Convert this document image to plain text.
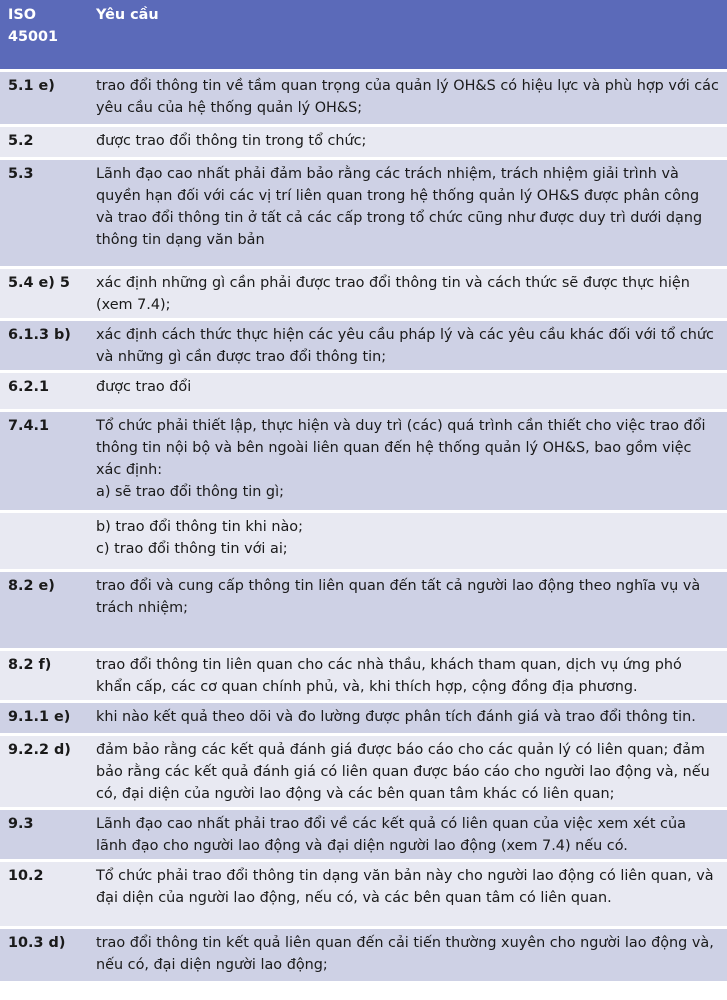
ISO 45001	Yêu cầu
5.1 e)	trao đổi thông tin về tầm quan trọng của quản lý OH&S có hiệu lực và phù hợp với các yêu cầu của hệ thống quản lý OH&S;
5.2	được trao đổi thông tin trong tổ chức;
5.3	Lãnh đạo cao nhất phải đảm bảo rằng các trách nhiệm, trách nhiệm giải trình và quyền hạn đối với các vị trí liên quan trong hệ thống quản lý OH&S được phân công và trao đổi thông tin ở tất cả các cấp trong tổ chức cũng như được duy trì dưới dạng thông tin dạng văn bản
5.4 e) 5	xác định những gì cần phải được trao đổi thông tin và cách thức sẽ được thực hiện (xem 7.4);
6.1.3 b)	xác định cách thức thực hiện các yêu cầu pháp lý và các yêu cầu khác đối với tổ chức và những gì cần được trao đổi thông tin;
6.2.1	được trao đổi
7.4.1	Tổ chức phải thiết lập, thực hiện và duy trì (các) quá trình cần thiết cho việc trao đổi thông tin nội bộ và bên ngoài liên quan đến hệ thống quản lý OH&S, bao gồm việc xác định:
a) sẽ trao đổi thông tin gì;

	b) trao đổi thông tin khi nào;
c) trao đổi thông tin với ai;

8.2 e)	trao đổi và cung cấp thông tin liên quan đến tất cả người lao động theo nghĩa vụ và trách nhiệm;
8.2 f)	trao đổi thông tin liên quan cho các nhà thầu, khách tham quan, dịch vụ ứng phó khẩn cấp, các cơ quan chính phủ, và, khi thích hợp, cộng đồng địa phương.
9.1.1 e)	khi nào kết quả theo dõi và đo lường được phân tích đánh giá và trao đổi thông tin.
9.2.2 d)	đảm bảo rằng các kết quả đánh giá được báo cáo cho các quản lý có liên quan; đảm bảo rằng các kết quả đánh giá có liên quan được báo cáo cho người lao động và, nếu có, đại diện của người lao động và các bên quan tâm khác có liên quan;
9.3	Lãnh đạo cao nhất phải trao đổi về các kết quả có liên quan của việc xem xét của lãnh đạo cho người lao động và đại diện người lao động (xem 7.4) nếu có.
10.2	Tổ chức phải trao đổi thông tin dạng văn bản này cho người lao động có liên quan, và đại diện của người lao động, nếu có, và các bên quan tâm có liên quan.
10.3 d)	trao đổi thông tin kết quả liên quan đến cải tiến thường xuyên cho người lao động và, nếu có, đại diện người lao động;
